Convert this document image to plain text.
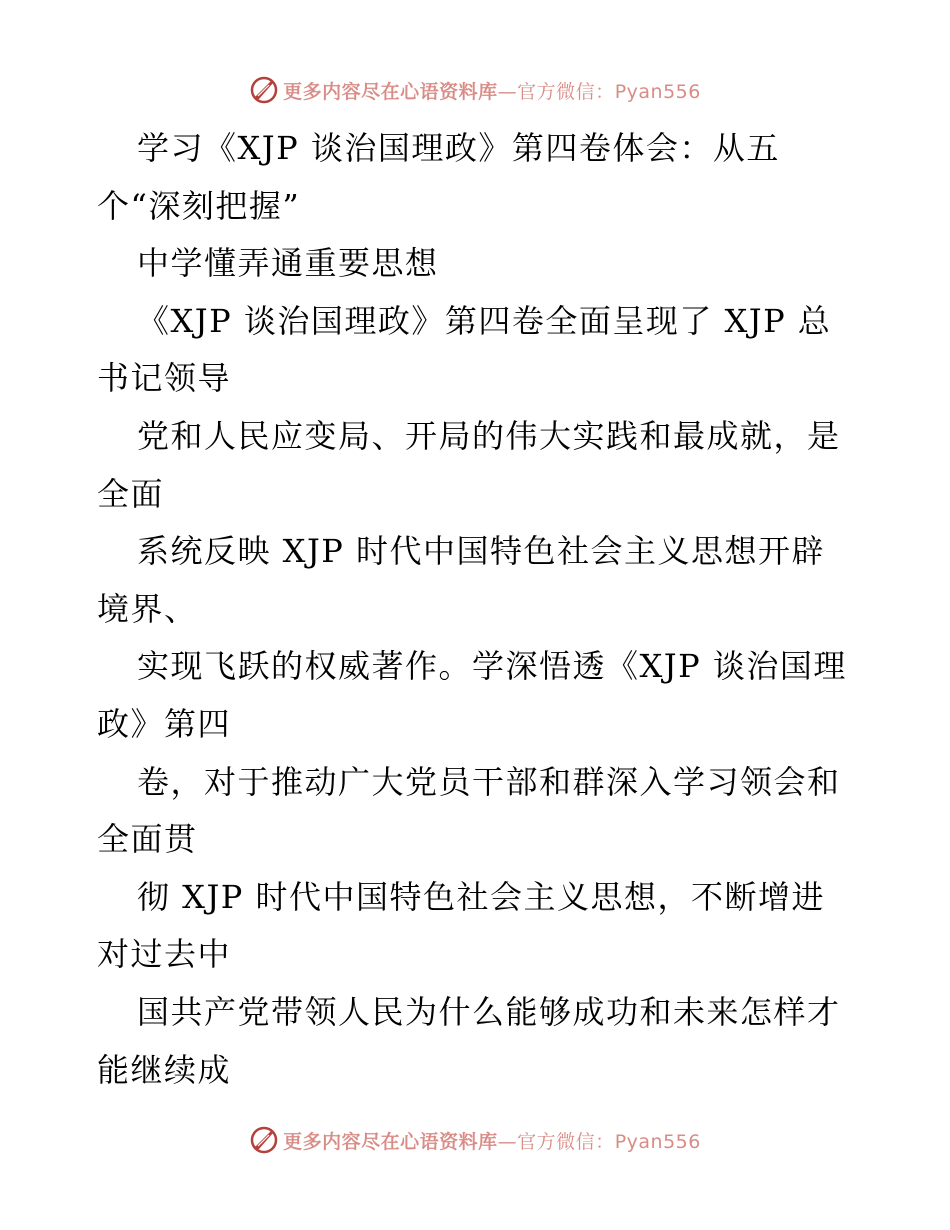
更多内容尽在心语资料库—官方微信：Pyan556
学习《XJP 谈治国理政》第四卷体会：从五
个“深刻把握”
中学懂弄通重要思想
《XJP 谈治国理政》第四卷全面呈现了 XJP 总
书记领导
党和人民应变局、开局的伟大实践和最成就，是
全面
系统反映 XJP 时代中国特色社会主义思想开辟
境界、
实现飞跃的权威著作。学深悟透《XJP 谈治国理
政》第四
卷，对于推动广大党员干部和群深入学习领会和
全面贯
彻 XJP 时代中国特色社会主义思想，不断增进
对过去中
国共产党带领人民为什么能够成功和未来怎样才
能继续成
更多内容尽在心语资料库—官方微信：Pyan556
